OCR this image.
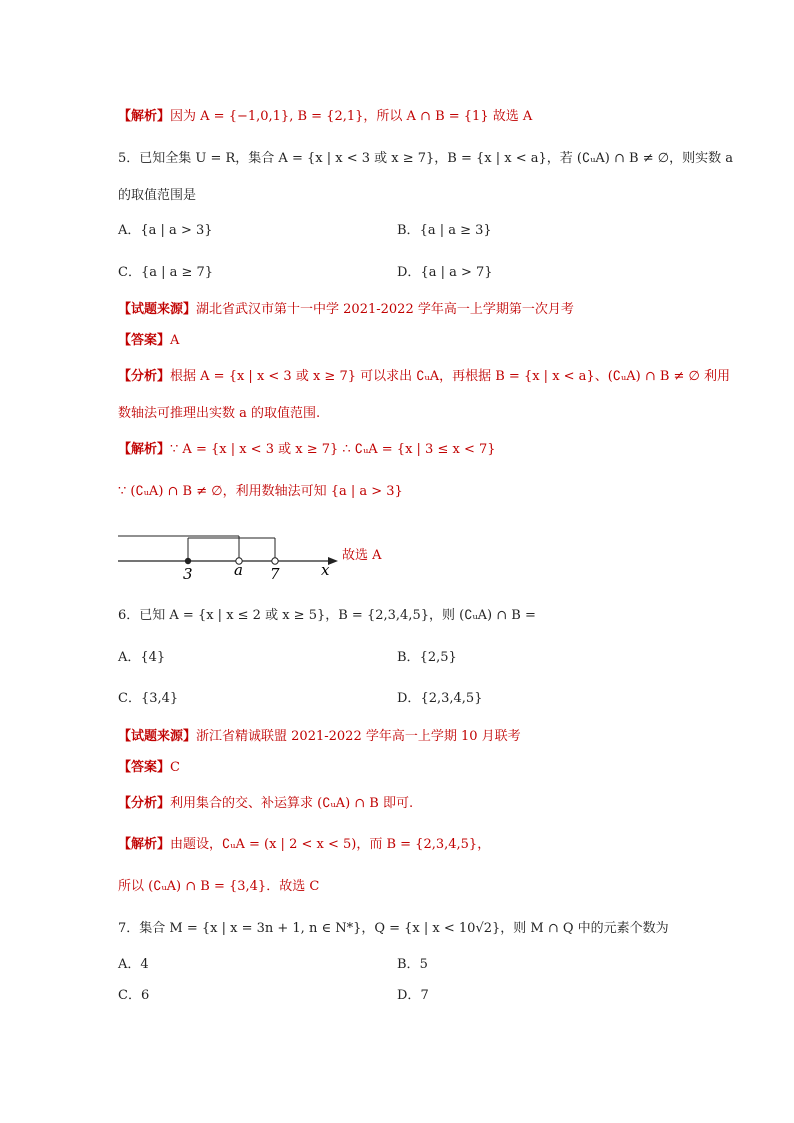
【解析】因为 A = {−1,0,1}, B = {2,1}，所以 A ∩ B = {1} 故选 A
5．已知全集 U = R，集合 A = {x | x < 3 或 x ≥ 7}，B = {x | x < a}，若 (∁ᵤA) ∩ B ≠ ∅，则实数 a
的取值范围是
A．{a | a > 3}	B．{a | a ≥ 3}
C．{a | a ≥ 7}	D．{a | a > 7}
【试题来源】湖北省武汉市第十一中学 2021-2022 学年高一上学期第一次月考
【答案】A
【分析】根据 A = {x | x < 3 或 x ≥ 7} 可以求出 ∁ᵤA，再根据 B = {x | x < a}、(∁ᵤA) ∩ B ≠ ∅ 利用
数轴法可推理出实数 a 的取值范围.
【解析】∵ A = {x | x < 3 或 x ≥ 7} ∴ ∁ᵤA = {x | 3 ≤ x < 7}
∵ (∁ᵤA) ∩ B ≠ ∅，利用数轴法可知 {a | a > 3}
3	a 7	x
故选 A
6．已知 A = {x | x ≤ 2 或 x ≥ 5}，B = {2,3,4,5}，则 (∁ᵤA) ∩ B =
A．{4}	B．{2,5}
C．{3,4}	D．{2,3,4,5}
【试题来源】浙江省精诚联盟 2021-2022 学年高一上学期 10 月联考
【答案】C
【分析】利用集合的交、补运算求 (∁ᵤA) ∩ B 即可.
【解析】由题设，∁ᵤA = (x | 2 < x < 5)，而 B = {2,3,4,5}，
所以 (∁ᵤA) ∩ B = {3,4}．故选 C
7．集合 M = {x | x = 3n + 1, n ∈ N*}，Q = {x | x < 10√2}，则 M ∩ Q 中的元素个数为
A．4	B．5
C．6	D．7
